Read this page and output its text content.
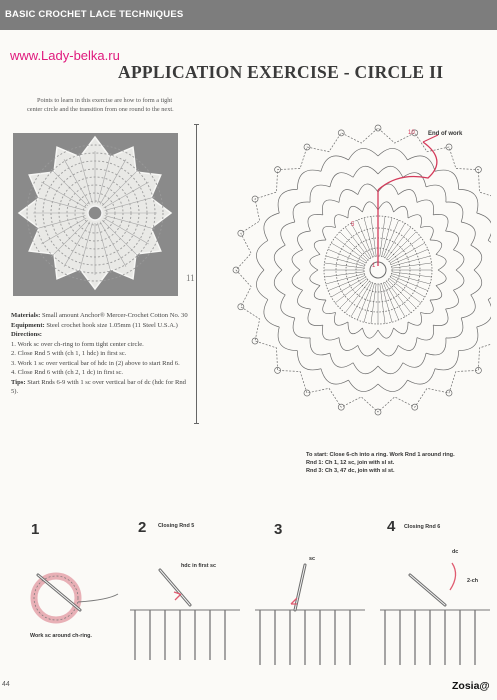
BASIC CROCHET LACE TECHNIQUES
www.Lady-belka.ru
APPLICATION EXERCISE - CIRCLE II

Points to learn in this exercise are how to form a tight center circle and the transition from one round to the next.

11
Materials: Small amount Anchor® Mercer-Crochet Cotton No. 30
Equipment: Steel crochet hook size 1.05mm (11 Steel U.S.A.)
Directions:
1. Work sc over ch-ring to form tight center circle.
2. Close Rnd 5 with (ch 1, 1 hdc) in first sc.
3. Work 1 sc over vertical bar of hdc in (2) above to start Rnd 6.
4. Close Rnd 6 with (ch 2, 1 dc) in first sc.
Tips: Start Rnds 6-9 with 1 sc over vertical bar of dc (hdc for Rnd 5).
End of work
10
5
1
To start: Close 6-ch into a ring. Work Rnd 1 around ring.
Rnd 1: Ch 1, 12 sc, join with sl st.
Rnd 3: Ch 3, 47 dc, join with sl st.
1	2 Closing Rnd 5	3	4 Closing Rnd 6
Work sc around ch-ring.
hdc in first sc
sc
dc
2-ch
44	Zosia@
